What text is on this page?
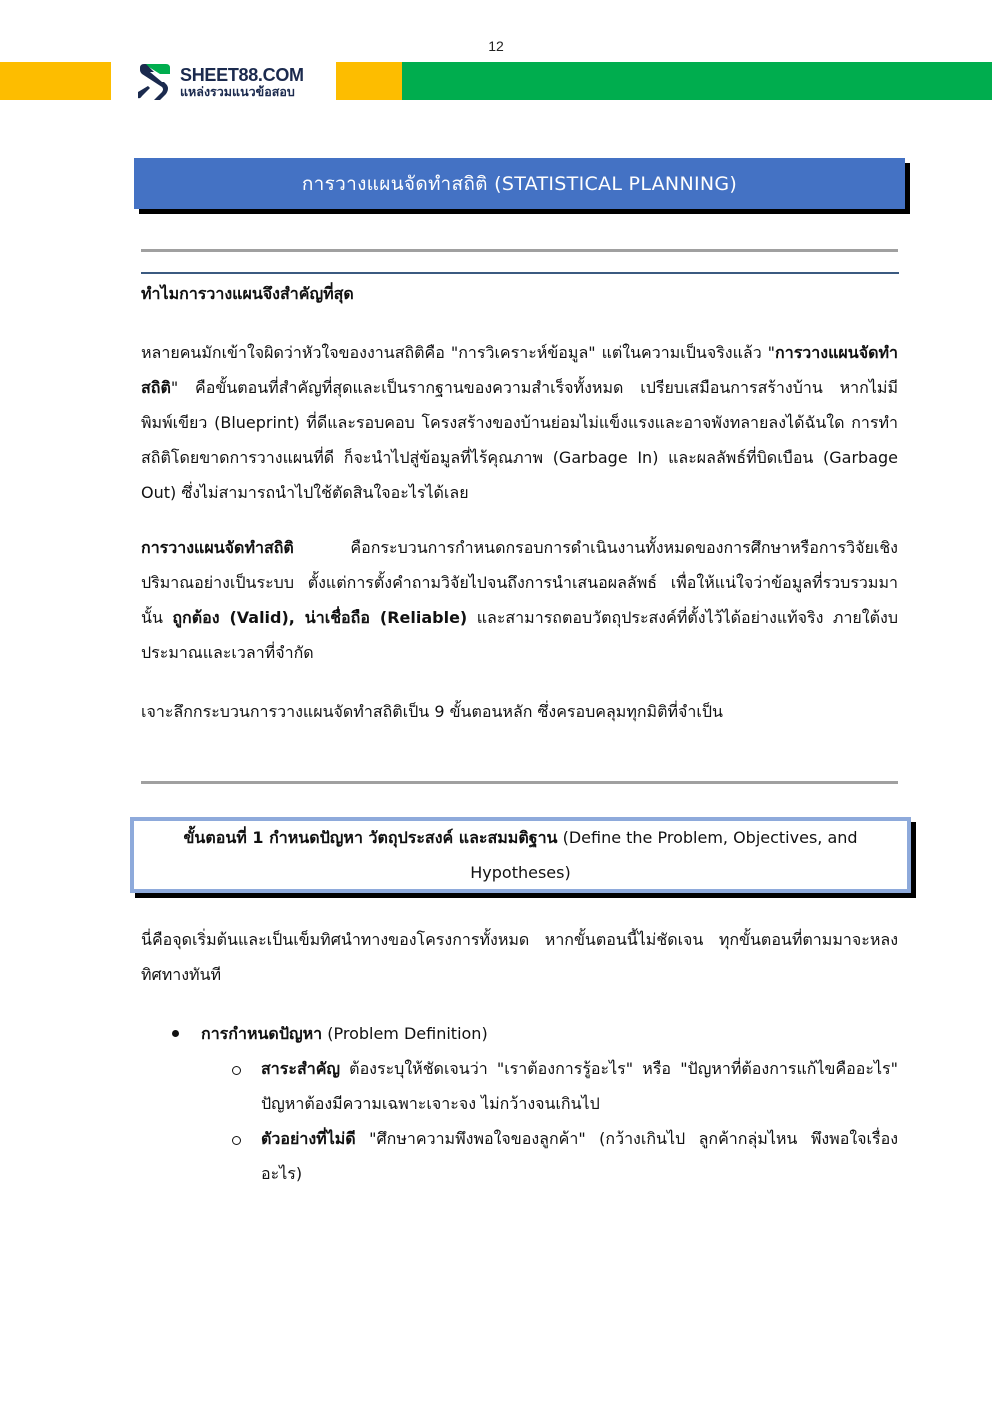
12
SHEET88.COM
แหล่งรวมแนวข้อสอบ
การวางแผนจัดทำสถิติ (STATISTICAL PLANNING)
ทำไมการวางแผนจึงสำคัญที่สุด
หลายคนมักเข้าใจผิดว่าหัวใจของงานสถิติคือ "การวิเคราะห์ข้อมูล" แต่ในความเป็นจริงแล้ว "การวางแผนจัดทำสถิติ" คือขั้นตอนที่สำคัญที่สุดและเป็นรากฐานของความสำเร็จทั้งหมด เปรียบเสมือนการสร้างบ้าน หากไม่มีพิมพ์เขียว (Blueprint) ที่ดีและรอบคอบ โครงสร้างของบ้านย่อมไม่แข็งแรงและอาจพังทลายลงได้ฉันใด การทำสถิติโดยขาดการวางแผนที่ดี ก็จะนำไปสู่ข้อมูลที่ไร้คุณภาพ (Garbage In) และผลลัพธ์ที่บิดเบือน (Garbage Out) ซึ่งไม่สามารถนำไปใช้ตัดสินใจอะไรได้เลย
การวางแผนจัดทำสถิติ คือกระบวนการกำหนดกรอบการดำเนินงานทั้งหมดของการศึกษาหรือการวิจัยเชิงปริมาณอย่างเป็นระบบ ตั้งแต่การตั้งคำถามวิจัยไปจนถึงการนำเสนอผลลัพธ์ เพื่อให้แน่ใจว่าข้อมูลที่รวบรวมมานั้น ถูกต้อง (Valid), น่าเชื่อถือ (Reliable) และสามารถตอบวัตถุประสงค์ที่ตั้งไว้ได้อย่างแท้จริง ภายใต้งบประมาณและเวลาที่จำกัด
เจาะลึกกระบวนการวางแผนจัดทำสถิติเป็น 9 ขั้นตอนหลัก ซึ่งครอบคลุมทุกมิติที่จำเป็น
ขั้นตอนที่ 1 กำหนดปัญหา วัตถุประสงค์ และสมมติฐาน (Define the Problem, Objectives, and Hypotheses)
นี่คือจุดเริ่มต้นและเป็นเข็มทิศนำทางของโครงการทั้งหมด หากขั้นตอนนี้ไม่ชัดเจน ทุกขั้นตอนที่ตามมาจะหลงทิศทางทันที
การกำหนดปัญหา (Problem Definition)
สาระสำคัญ ต้องระบุให้ชัดเจนว่า "เราต้องการรู้อะไร" หรือ "ปัญหาที่ต้องการแก้ไขคืออะไร" ปัญหาต้องมีความเฉพาะเจาะจง ไม่กว้างจนเกินไป
ตัวอย่างที่ไม่ดี "ศึกษาความพึงพอใจของลูกค้า" (กว้างเกินไป ลูกค้ากลุ่มไหน พึงพอใจเรื่องอะไร)
